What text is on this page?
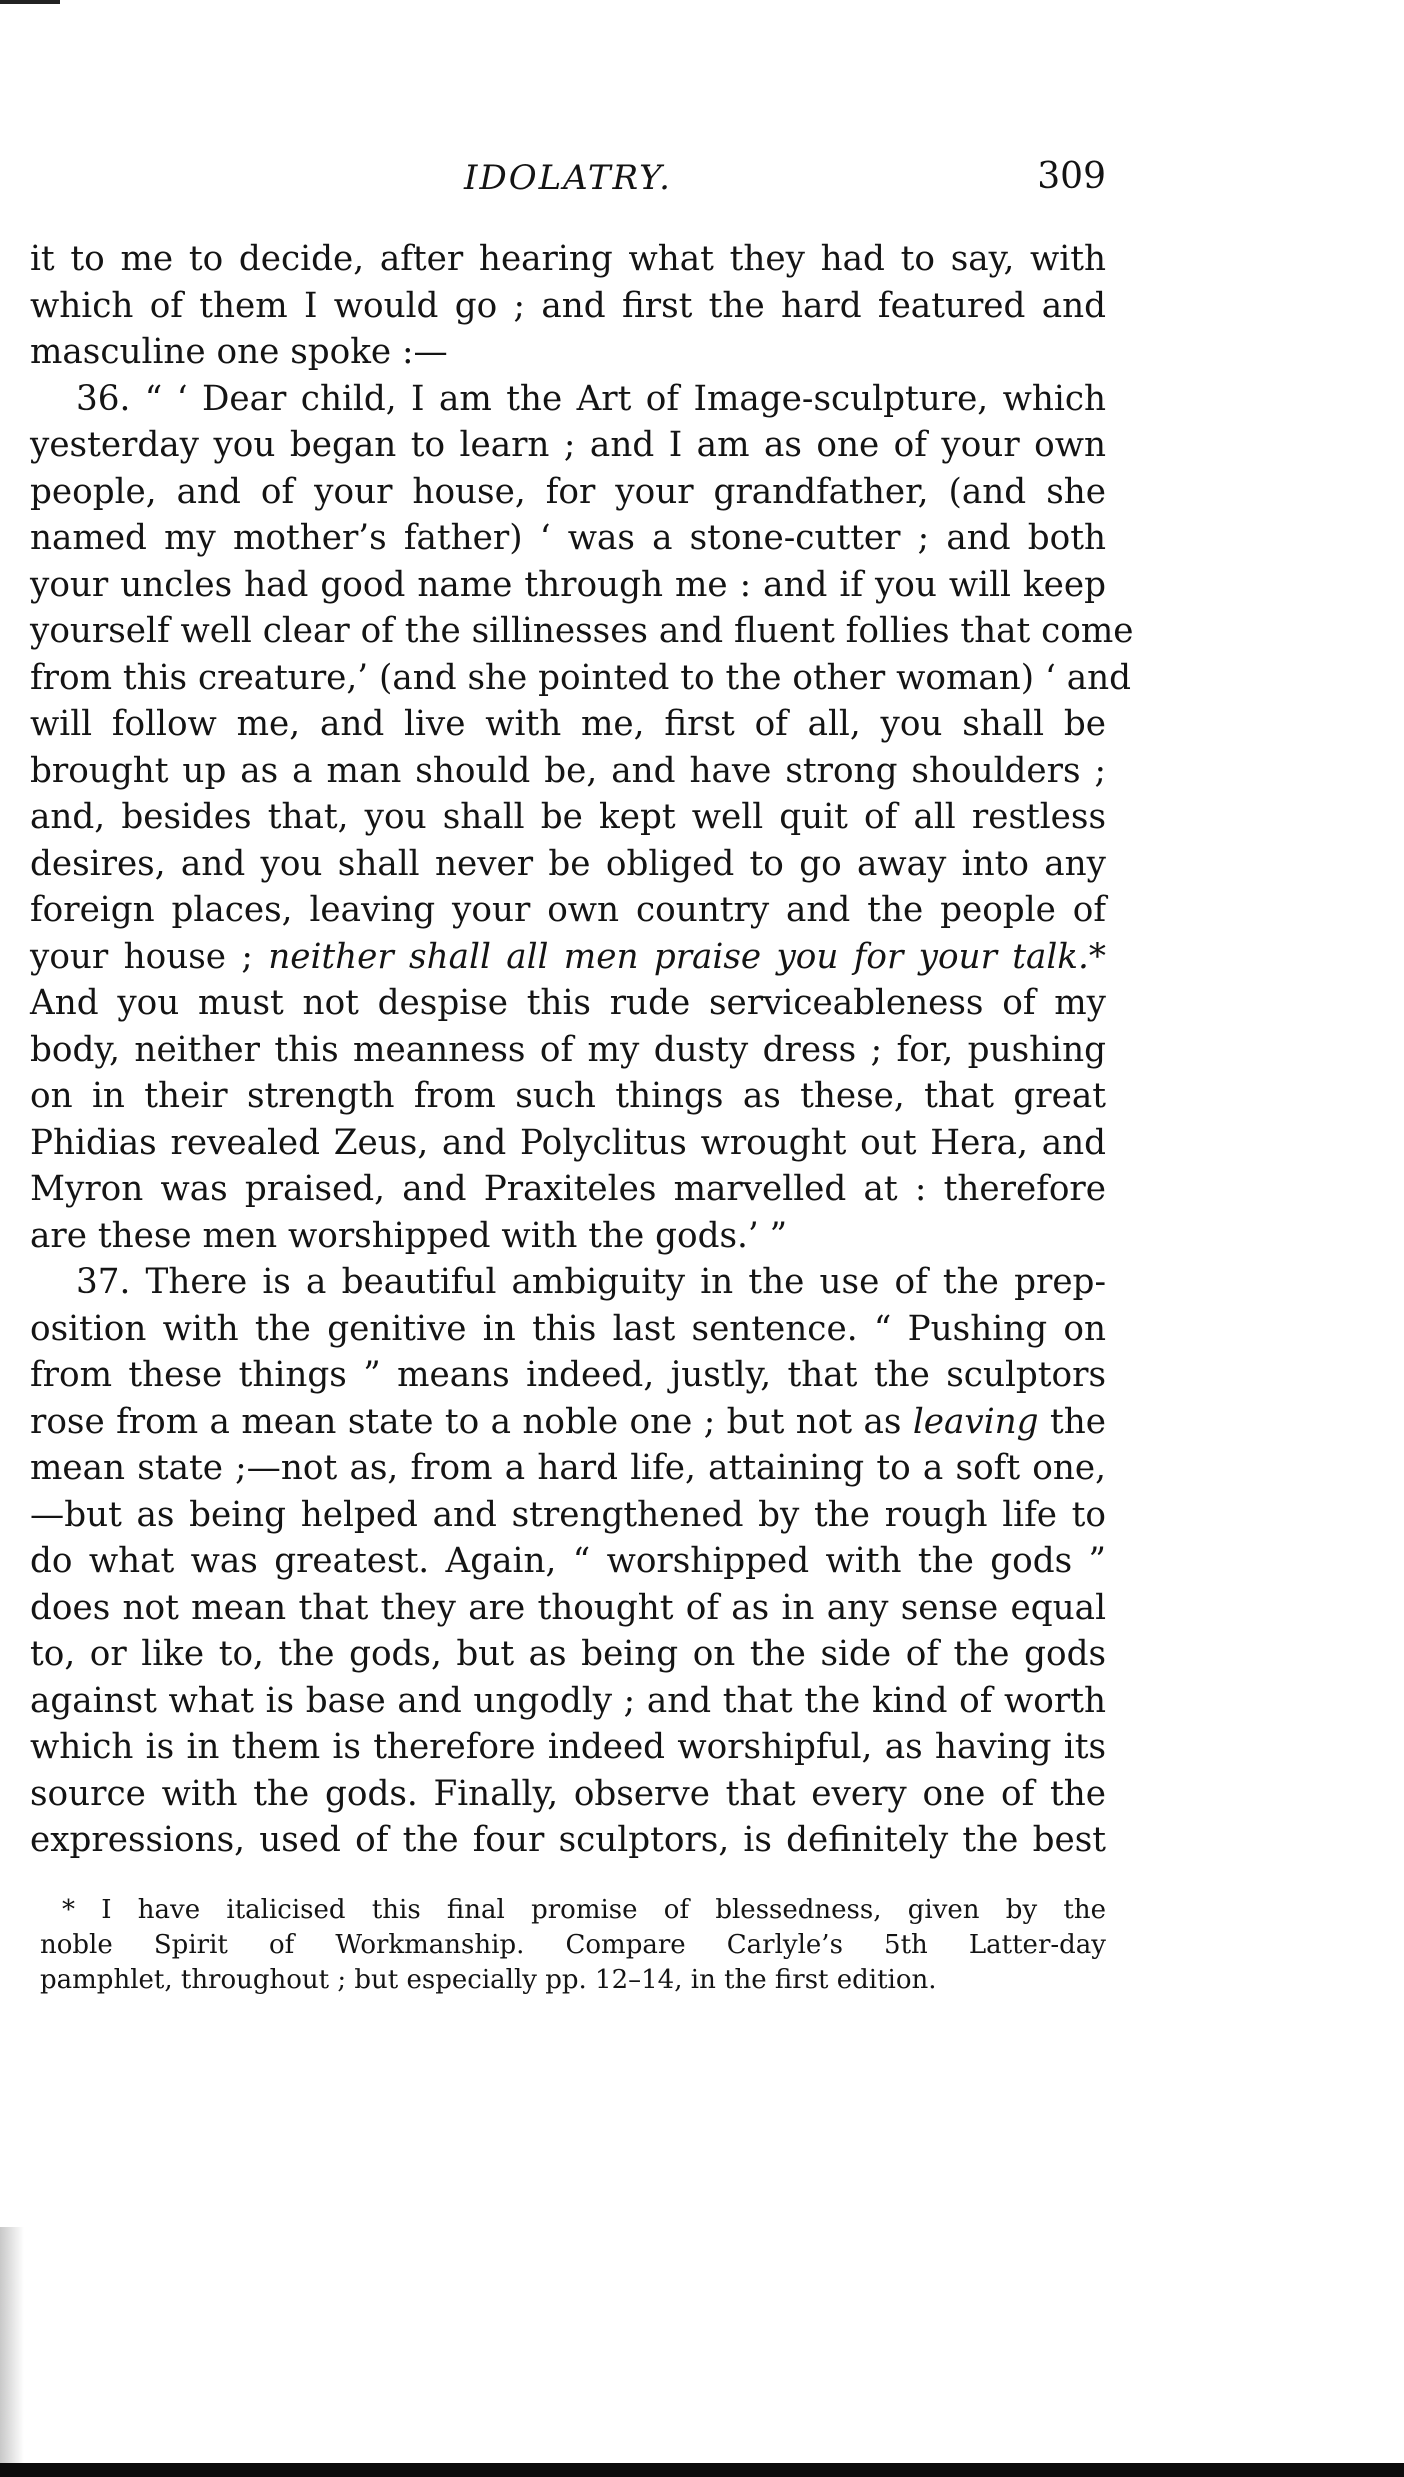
IDOLATRY.	309
it to me to decide, after hearing what they had to say, with
which of them I would go ; and first the hard featured and
masculine one spoke :—
36. “ ‘ Dear child, I am the Art of Image-sculpture, which
yesterday you began to learn ; and I am as one of your own
people, and of your house, for your grandfather, (and she
named my mother’s father) ‘ was a stone-cutter ; and both
your uncles had good name through me : and if you will keep
yourself well clear of the sillinesses and fluent follies that come
from this creature,’ (and she pointed to the other woman) ‘ and
will follow me, and live with me, first of all, you shall be
brought up as a man should be, and have strong shoulders ;
and, besides that, you shall be kept well quit of all restless
desires, and you shall never be obliged to go away into any
foreign places, leaving your own country and the people of
your house ; neither shall all men praise you for your talk.*
And you must not despise this rude serviceableness of my
body, neither this meanness of my dusty dress ; for, pushing
on in their strength from such things as these, that great
Phidias revealed Zeus, and Polyclitus wrought out Hera, and
Myron was praised, and Praxiteles marvelled at : therefore
are these men worshipped with the gods.’ ”
37. There is a beautiful ambiguity in the use of the prep-
osition with the genitive in this last sentence. “ Pushing on
from these things ” means indeed, justly, that the sculptors
rose from a mean state to a noble one ; but not as leaving the
mean state ;—not as, from a hard life, attaining to a soft one,
—but as being helped and strengthened by the rough life to
do what was greatest. Again, “ worshipped with the gods ”
does not mean that they are thought of as in any sense equal
to, or like to, the gods, but as being on the side of the gods
against what is base and ungodly ; and that the kind of worth
which is in them is therefore indeed worshipful, as having its
source with the gods. Finally, observe that every one of the
expressions, used of the four sculptors, is definitely the best
* I have italicised this final promise of blessedness, given by the
noble Spirit of Workmanship. Compare Carlyle’s 5th Latter-day
pamphlet, throughout ; but especially pp. 12–14, in the first edition.
